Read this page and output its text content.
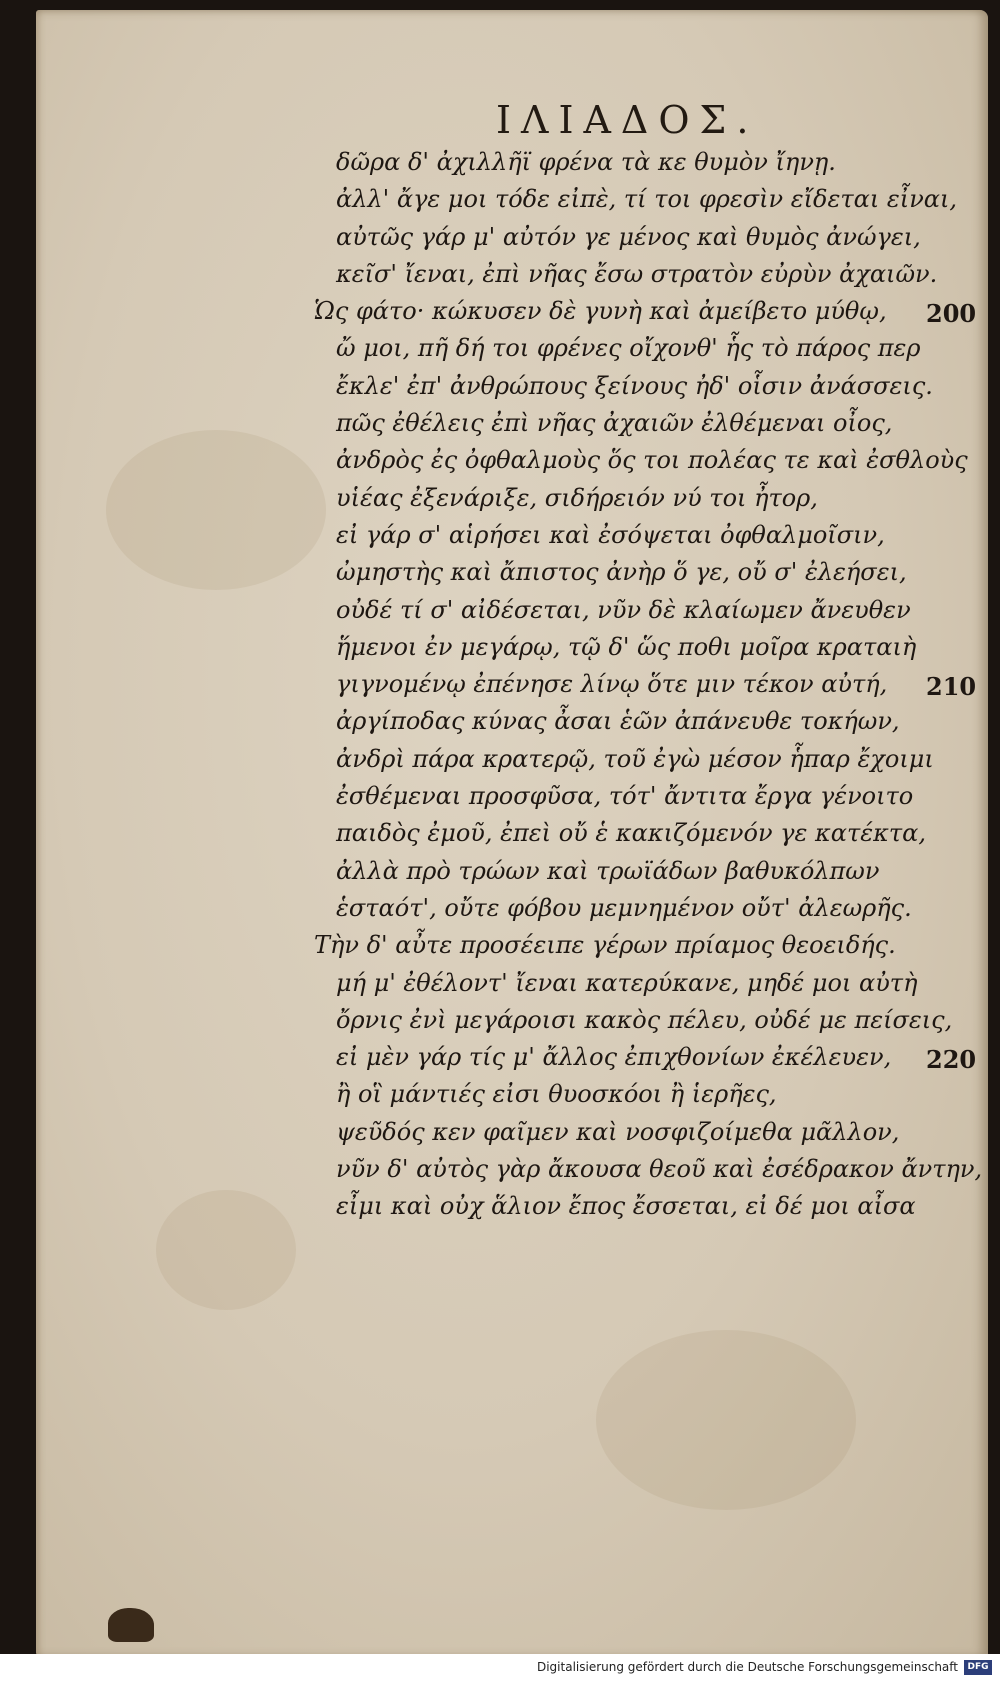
ΙΛΙΑΔΟΣ.
δῶρα δ' ἀχιλλῆϊ φρένα τὰ κε θυμὸν ἴηνῃ.
ἀλλ' ἄγε μοι τόδε εἰπὲ, τί τοι φρεσὶν εἴδεται εἶναι,
αὐτῶς γάρ μ' αὐτόν γε μένος καὶ θυμὸς ἀνώγει,
κεῖσ' ἴεναι, ἐπὶ νῆας ἔσω στρατὸν εὐρὺν ἀχαιῶν.
Ὡς φάτο· κώκυσεν δὲ γυνὴ καὶ ἀμείβετο μύθῳ,
ὤ μοι, πῆ δή τοι φρένες οἴχονθ' ἧς τὸ πάρος περ
ἔκλε' ἐπ' ἀνθρώπους ξείνους ἠδ' οἷσιν ἀνάσσεις.
πῶς ἐθέλεις ἐπὶ νῆας ἀχαιῶν ἐλθέμεναι οἶος,
ἀνδρὸς ἐς ὀφθαλμοὺς ὅς τοι πολέας τε καὶ ἐσθλοὺς
υἱέας ἐξενάριξε, σιδήρειόν νύ τοι ἦτορ,
εἰ γάρ σ' αἱρήσει καὶ ἐσόψεται ὀφθαλμοῖσιν,
ὠμηστὴς καὶ ἄπιστος ἀνὴρ ὅ γε, οὔ σ' ἐλεήσει,
οὐδέ τί σ' αἰδέσεται, νῦν δὲ κλαίωμεν ἄνευθεν
ἥμενοι ἐν μεγάρῳ, τῷ δ' ὥς ποθι μοῖρα κραταιὴ
γιγνομένῳ ἐπένησε λίνῳ ὅτε μιν τέκον αὐτή,
ἀργίποδας κύνας ἆσαι ἑῶν ἀπάνευθε τοκήων,
ἀνδρὶ πάρα κρατερῷ, τοῦ ἐγὼ μέσον ἧπαρ ἔχοιμι
ἐσθέμεναι προσφῦσα, τότ' ἄντιτα ἔργα γένοιτο
παιδὸς ἐμοῦ, ἐπεὶ οὔ ἑ κακιζόμενόν γε κατέκτα,
ἀλλὰ πρὸ τρώων καὶ τρωϊάδων βαθυκόλπων
ἑσταότ', οὔτε φόβου μεμνημένον οὔτ' ἀλεωρῆς.
Τὴν δ' αὖτε προσέειπε γέρων πρίαμος θεοειδής.
μή μ' ἐθέλοντ' ἴεναι κατερύκανε, μηδέ μοι αὐτὴ
ὄρνις ἐνὶ μεγάροισι κακὸς πέλευ, οὐδέ με πείσεις,
εἰ μὲν γάρ τίς μ' ἄλλος ἐπιχθονίων ἐκέλευεν,
ἢ οἳ μάντιές εἰσι θυοσκόοι ἢ ἱερῆες,
ψεῦδός κεν φαῖμεν καὶ νοσφιζοίμεθα μᾶλλον,
νῦν δ' αὐτὸς γὰρ ἄκουσα θεοῦ καὶ ἐσέδρακον ἄντην,
εἶμι καὶ οὐχ ἅλιον ἔπος ἔσσεται, εἰ δέ μοι αἶσα
200
210
220
Digitalisierung gefördert durch die Deutsche Forschungsgemeinschaft	DFG
